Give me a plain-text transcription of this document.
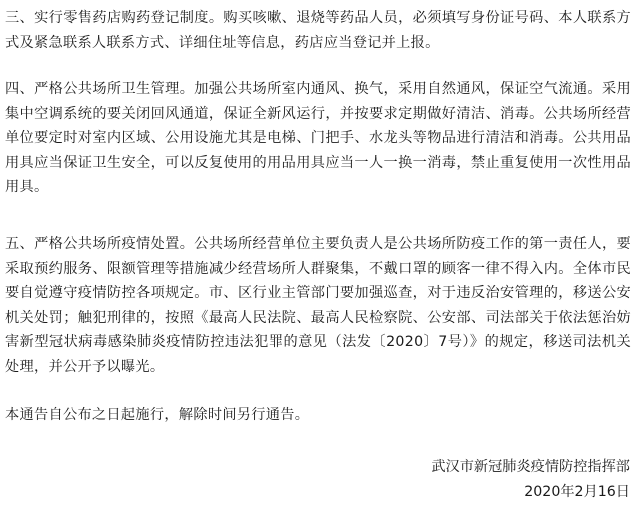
三、实行零售药店购药登记制度。购买咳嗽、退烧等药品人员，必须填写身份证号码、本人联系方式及紧急联系人联系方式、详细住址等信息，药店应当登记并上报。

四、严格公共场所卫生管理。加强公共场所室内通风、换气，采用自然通风，保证空气流通。采用集中空调系统的要关闭回风通道，保证全新风运行，并按要求定期做好清洁、消毒。公共场所经营单位要定时对室内区域、公用设施尤其是电梯、门把手、水龙头等物品进行清洁和消毒。公共用品用具应当保证卫生安全，可以反复使用的用品用具应当一人一换一消毒，禁止重复使用一次性用品用具。

五、严格公共场所疫情处置。公共场所经营单位主要负责人是公共场所防疫工作的第一责任人，要采取预约服务、限额管理等措施减少经营场所人群聚集，不戴口罩的顾客一律不得入内。全体市民要自觉遵守疫情防控各项规定。市、区行业主管部门要加强巡查，对于违反治安管理的，移送公安机关处罚；触犯刑律的，按照《最高人民法院、最高人民检察院、公安部、司法部关于依法惩治妨害新型冠状病毒感染肺炎疫情防控违法犯罪的意见（法发〔2020〕7号）》的规定，移送司法机关处理，并公开予以曝光。

本通告自公布之日起施行，解除时间另行通告。

武汉市新冠肺炎疫情防控指挥部

2020年2月16日
